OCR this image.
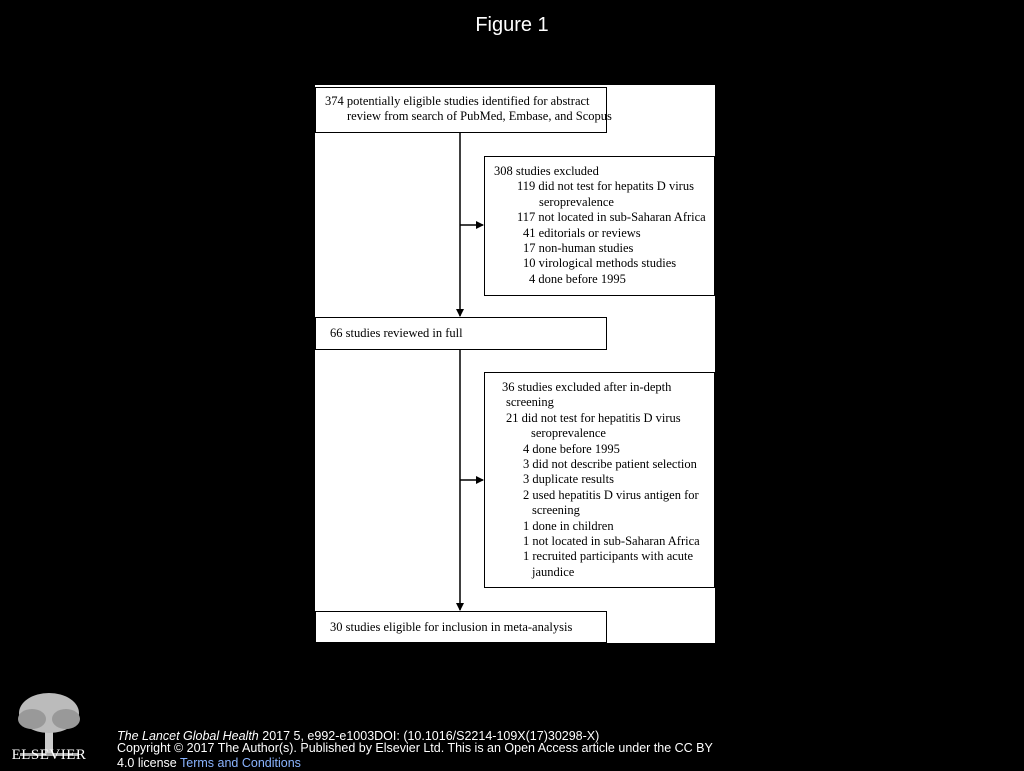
Figure 1
374 potentially eligible studies identified for abstract
review from search of PubMed, Embase, and Scopus
308 studies excluded
119 did not test for hepatits D virus
seroprevalence
117 not located in sub-Saharan Africa
41 editorials or reviews
17 non-human studies
10 virological methods studies
4 done before 1995
66 studies reviewed in full
36 studies excluded after in-depth
screening
21 did not test for hepatitis D virus
seroprevalence
4 done before 1995
3 did not describe patient selection
3 duplicate results
2 used hepatitis D virus antigen for
screening
1 done in children
1 not located in sub-Saharan Africa
1 recruited participants with acute
jaundice
30 studies eligible for inclusion in meta-analysis
ELSEVIER
The Lancet Global Health 2017 5, e992-e1003DOI: (10.1016/S2214-109X(17)30298-X)
Copyright © 2017 The Author(s). Published by Elsevier Ltd. This is an Open Access article under the CC BY 4.0 license Terms and Conditions
